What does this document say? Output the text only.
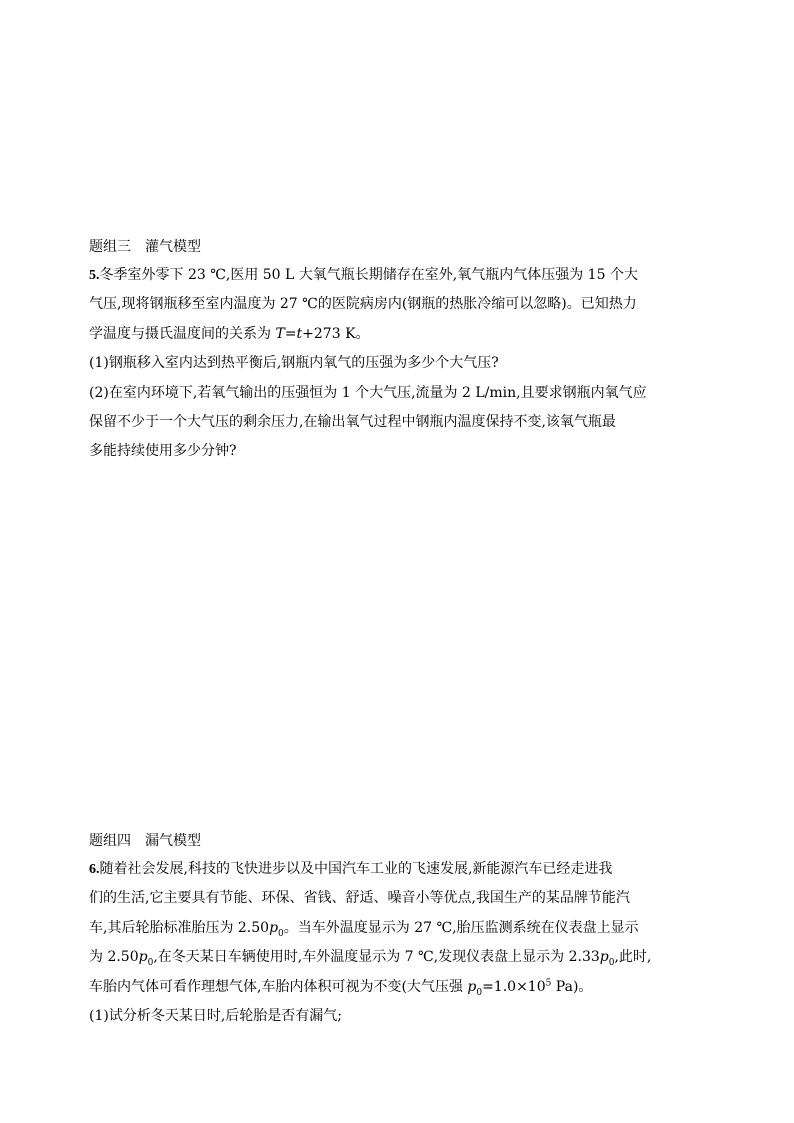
题组三　灌气模型
5.冬季室外零下 23 ℃,医用 50 L 大氧气瓶长期储存在室外,氧气瓶内气体压强为 15 个大
气压,现将钢瓶移至室内温度为 27 ℃的医院病房内(钢瓶的热胀冷缩可以忽略)。已知热力
学温度与摄氏温度间的关系为 T=t+273 K。
(1)钢瓶移入室内达到热平衡后,钢瓶内氧气的压强为多少个大气压?
(2)在室内环境下,若氧气输出的压强恒为 1 个大气压,流量为 2 L/min,且要求钢瓶内氧气应
保留不少于一个大气压的剩余压力,在输出氧气过程中钢瓶内温度保持不变,该氧气瓶最
多能持续使用多少分钟?
题组四　漏气模型
6.随着社会发展,科技的飞快进步以及中国汽车工业的飞速发展,新能源汽车已经走进我
们的生活,它主要具有节能、环保、省钱、舒适、噪音小等优点,我国生产的某品牌节能汽
车,其后轮胎标准胎压为 $2.50p_0$。当车外温度显示为 27 ℃,胎压监测系统在仪表盘上显示
为 $2.50p_0$,在冬天某日车辆使用时,车外温度显示为 7 ℃,发现仪表盘上显示为 $2.33p_0$,此时,
车胎内气体可看作理想气体,车胎内体积可视为不变(大气压强 $p_0=1.0\times 10^5$ Pa)。
(1)试分析冬天某日时,后轮胎是否有漏气;
